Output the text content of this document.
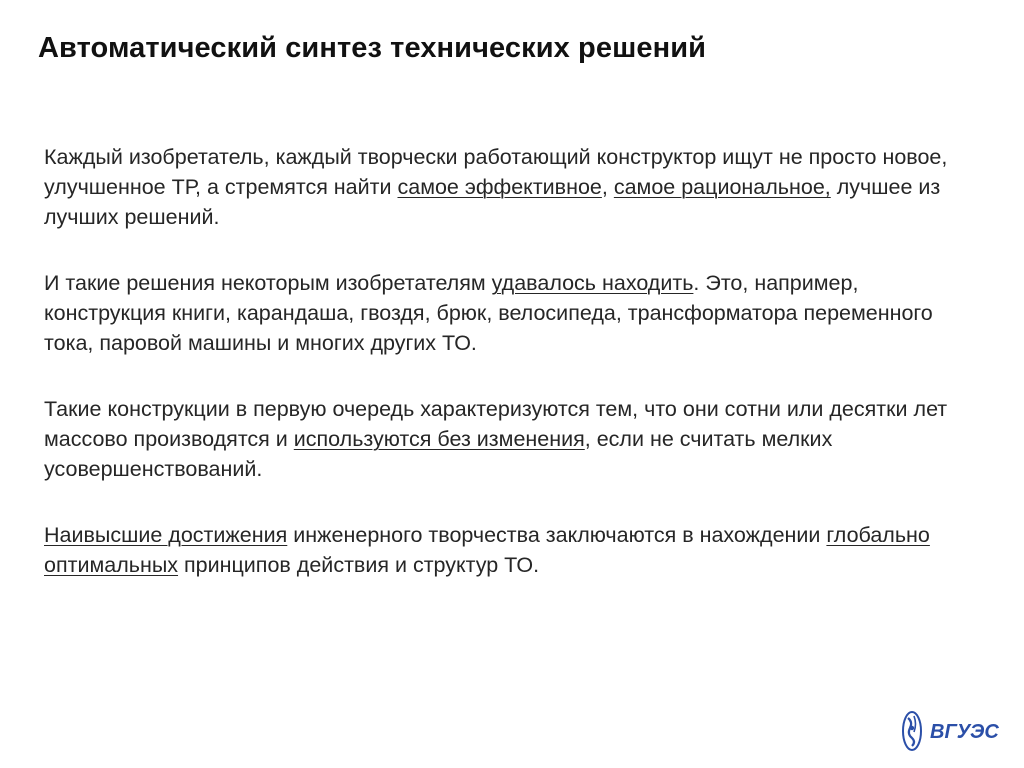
Автоматический синтез технических решений

Каждый изобретатель, каждый творчески работающий конструктор ищут не просто новое, улучшенное ТР, а стремятся найти самое эффективное, самое рациональное, лучшее из лучших решений.

И такие решения некоторым изобретателям удавалось находить. Это, например, конструкция книги, карандаша, гвоздя, брюк, велосипеда, трансформатора переменного тока, паровой машины и многих других ТО.

Такие конструкции в первую очередь характеризуются тем, что они сотни или десятки лет массово производятся и используются без изменения, если не считать мелких усовершенствований.

Наивысшие достижения инженерного творчества заключаются в нахождении глобально оптимальных принципов действия и структур ТО.

ВГУЭС
